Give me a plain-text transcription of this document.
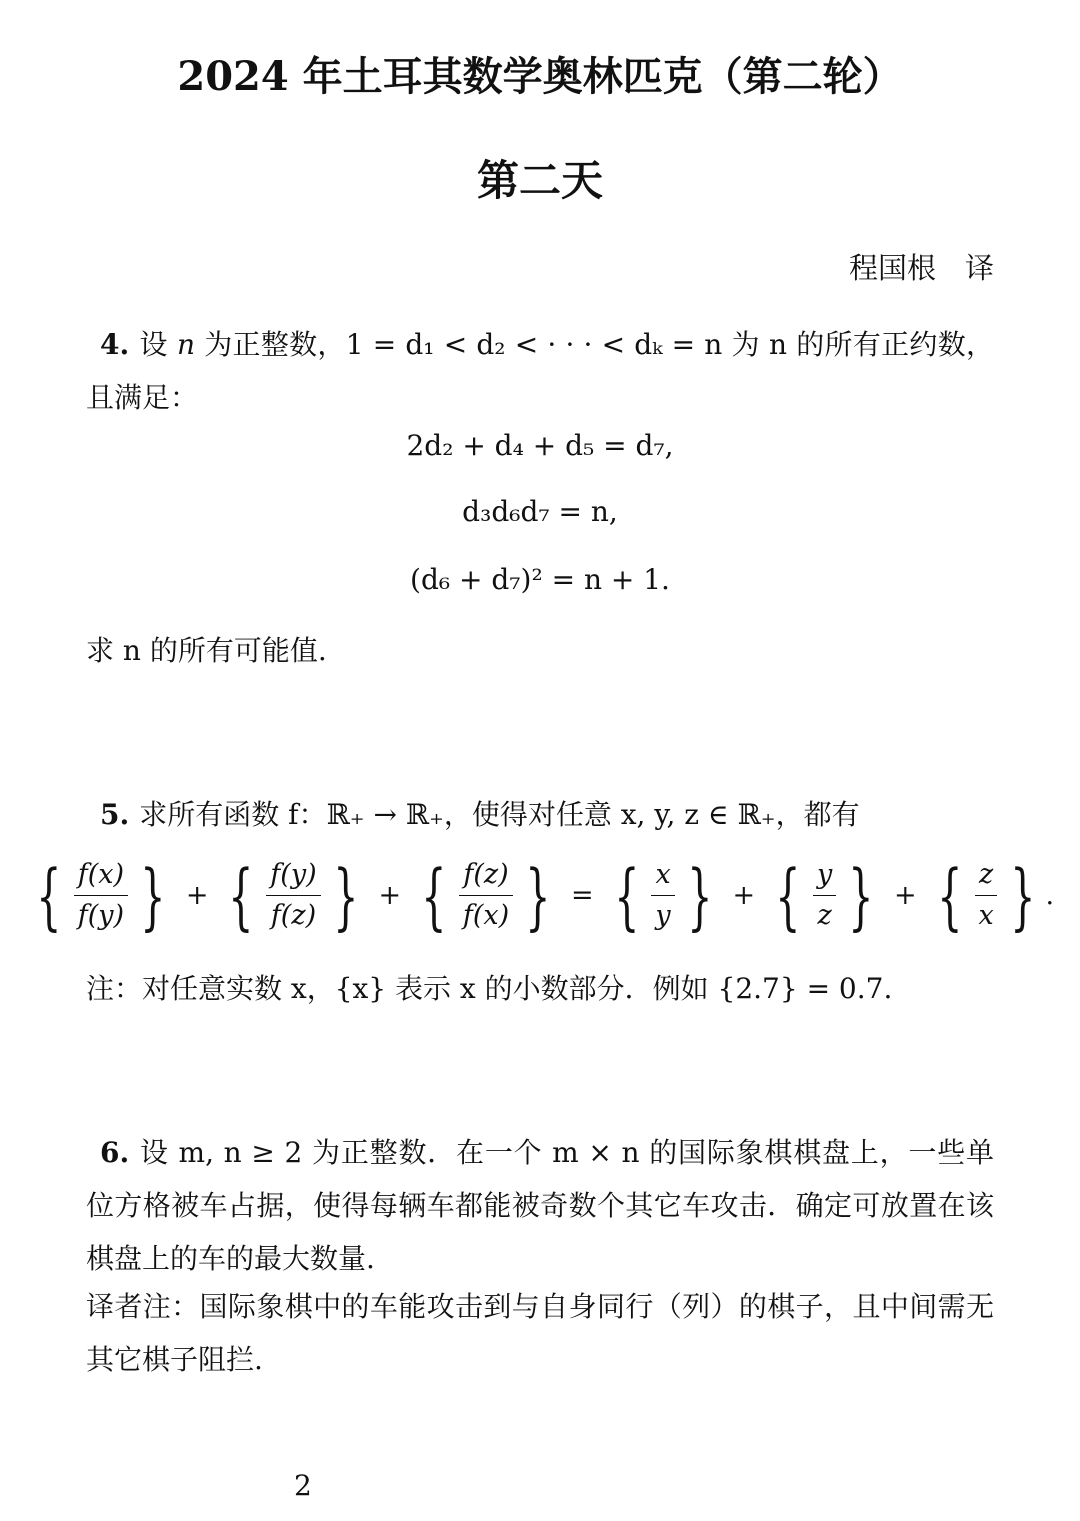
2024 年土耳其数学奥林匹克（第二轮）
第二天
程国根　译
4. 设 n 为正整数，1 = d₁ < d₂ < · · · < dₖ = n 为 n 的所有正约数，且满足：
2d₂ + d₄ + d₅ = d₇,
d₃d₆d₇ = n,
(d₆ + d₇)² = n + 1.
求 n 的所有可能值.
5. 求所有函数 f：ℝ₊ → ℝ₊，使得对任意 x, y, z ∈ ℝ₊，都有
{ $\frac{f(x)}{f(y)}$ } + { $\frac{f(y)}{f(z)}$ } + { $\frac{f(z)}{f(x)}$ } = { $\frac{x}{y}$ } + { $\frac{y}{z}$ } + { $\frac{z}{x}$ } .
注：对任意实数 x，{x} 表示 x 的小数部分．例如 {2.7} = 0.7.
6. 设 m, n ≥ 2 为正整数．在一个 m × n 的国际象棋棋盘上，一些单位方格被车占据，使得每辆车都能被奇数个其它车攻击．确定可放置在该棋盘上的车的最大数量.
译者注：国际象棋中的车能攻击到与自身同行（列）的棋子，且中间需无其它棋子阻拦.
2
